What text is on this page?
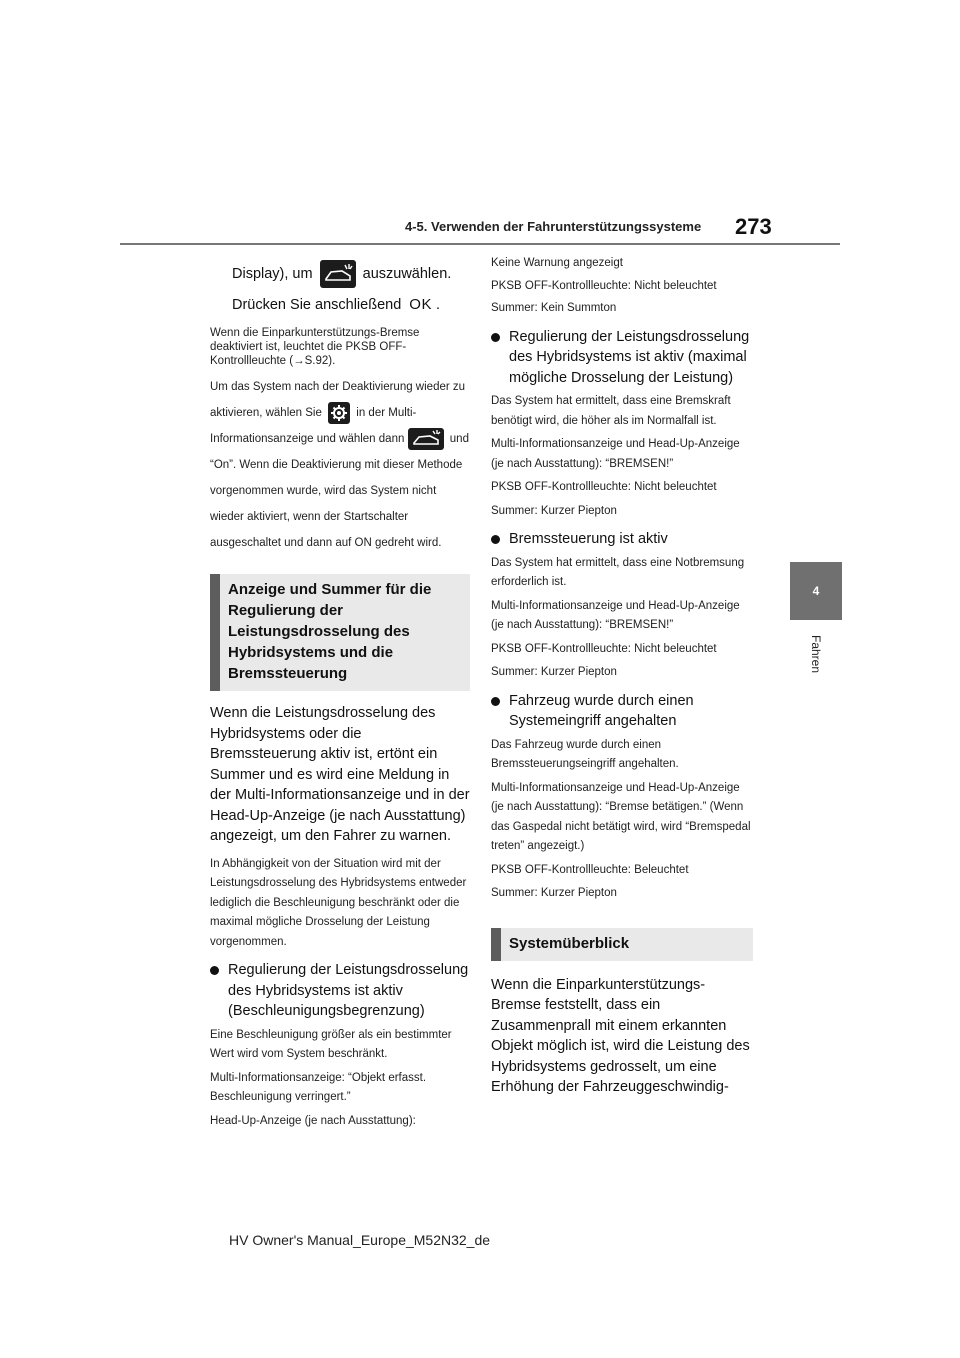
4-5. Verwenden der Fahrunterstützungssysteme 273
4
Fahren

Display), um	auszuwählen.

Drücken Sie anschließend OK .

Wenn die Einparkunterstützungs-Bremse deaktiviert ist, leuchtet die PKSB OFF-Kontrollleuchte (→S.92).

Um das System nach der Deaktivierung wieder zu aktivieren, wählen Sie	in der Multi-Informationsanzeige und wählen dann	und “On”. Wenn die Deaktivierung mit dieser Methode vorgenommen wurde, wird das System nicht wieder aktiviert, wenn der Startschalter ausgeschaltet und dann auf ON gedreht wird.

Anzeige und Summer für die Regulierung der Leistungsdrosselung des Hybridsystems und die Bremssteuerung

Wenn die Leistungsdrosselung des Hybridsystems oder die Bremssteuerung aktiv ist, ertönt ein Summer und es wird eine Meldung in der Multi-Informationsanzeige und in der Head-Up-Anzeige (je nach Ausstattung) angezeigt, um den Fahrer zu warnen.

In Abhängigkeit von der Situation wird mit der Leistungsdrosselung des Hybridsystems entweder lediglich die Beschleunigung beschränkt oder die maximal mögliche Drosselung der Leistung vorgenommen.

Regulierung der Leistungsdrosselung des Hybridsystems ist aktiv (Beschleunigungsbegrenzung)

Eine Beschleunigung größer als ein bestimmter Wert wird vom System beschränkt.

Multi-Informationsanzeige: “Objekt erfasst. Beschleunigung verringert.”

Head-Up-Anzeige (je nach Ausstattung):

Keine Warnung angezeigt

PKSB OFF-Kontrollleuchte: Nicht beleuchtet

Summer: Kein Summton

Regulierung der Leistungsdrosselung des Hybridsystems ist aktiv (maximal mögliche Drosselung der Leistung)

Das System hat ermittelt, dass eine Bremskraft benötigt wird, die höher als im Normalfall ist.

Multi-Informationsanzeige und Head-Up-Anzeige (je nach Ausstattung): “BREMSEN!”

PKSB OFF-Kontrollleuchte: Nicht beleuchtet

Summer: Kurzer Piepton

Bremssteuerung ist aktiv

Das System hat ermittelt, dass eine Notbremsung erforderlich ist.

Multi-Informationsanzeige und Head-Up-Anzeige (je nach Ausstattung): “BREMSEN!”

PKSB OFF-Kontrollleuchte: Nicht beleuchtet

Summer: Kurzer Piepton

Fahrzeug wurde durch einen Systemeingriff angehalten

Das Fahrzeug wurde durch einen Bremssteuerungseingriff angehalten.

Multi-Informationsanzeige und Head-Up-Anzeige (je nach Ausstattung): “Bremse betätigen.” (Wenn das Gaspedal nicht betätigt wird, wird “Bremspedal treten” angezeigt.)

PKSB OFF-Kontrollleuchte: Beleuchtet

Summer: Kurzer Piepton

Systemüberblick

Wenn die Einparkunterstützungs-Bremse feststellt, dass ein Zusammenprall mit einem erkannten Objekt möglich ist, wird die Leistung des Hybridsystems gedrosselt, um eine Erhöhung der Fahrzeuggeschwindig-

HV Owner's Manual_Europe_M52N32_de
